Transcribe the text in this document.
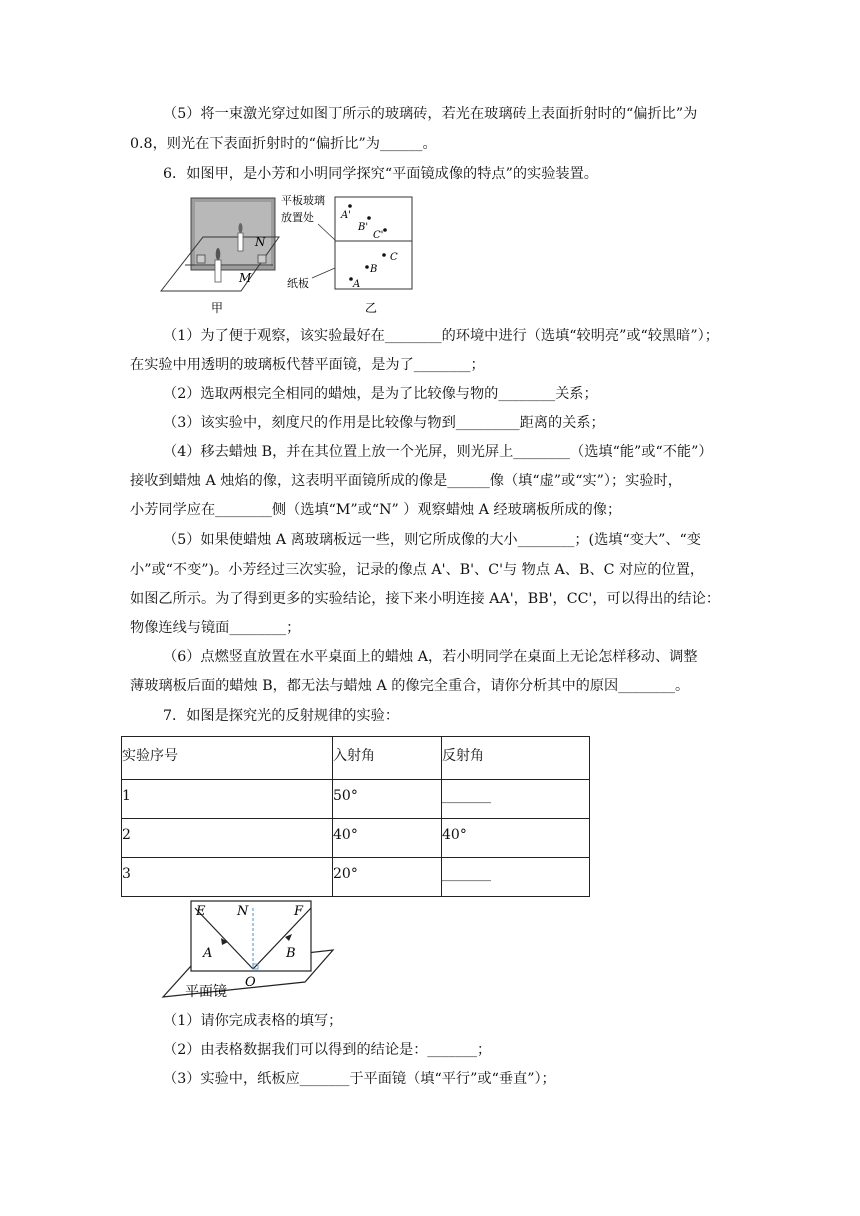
（5）将一束激光穿过如图丁所示的玻璃砖，若光在玻璃砖上表面折射时的“偏折比”为
0.8，则光在下表面折射时的“偏折比”为______。
6．如图甲，是小芳和小明同学探究“平面镜成像的特点”的实验装置。
N
M
平板玻璃
放置处
纸板
甲
A'
B'
C'
C
B
A
乙
（1）为了便于观察，该实验最好在________的环境中进行（选填“较明亮”或“较黑暗”）；
在实验中用透明的玻璃板代替平面镜，是为了________；
（2）选取两根完全相同的蜡烛，是为了比较像与物的________关系；
（3）该实验中，刻度尺的作用是比较像与物到_________距离的关系；
（4）移去蜡烛 B，并在其位置上放一个光屏，则光屏上________（选填“能”或“不能”）
接收到蜡烛 A 烛焰的像，这表明平面镜所成的像是______像（填“虚”或“实”）；实验时，
小芳同学应在________侧（选填“M”或“N” ）观察蜡烛 A 经玻璃板所成的像；
（5）如果使蜡烛 A 离玻璃板远一些，则它所成像的大小________；(选填“变大”、“变
小”或“不变”)。小芳经过三次实验，记录的像点 A'、B'、C'与 物点 A、B、C 对应的位置，
如图乙所示。为了得到更多的实验结论，接下来小明连接 AA'，BB'，CC'，可以得出的结论：
物像连线与镜面________；
（6）点燃竖直放置在水平桌面上的蜡烛 A，若小明同学在桌面上无论怎样移动、调整
薄玻璃板后面的蜡烛 B，都无法与蜡烛 A 的像完全重合，请你分析其中的原因________。
7．如图是探究光的反射规律的实验：
实验序号	入射角	反射角

1	50°	_______

2	40°	40°

3	20°	_______
E N	F
A	B
O
平面镜
（1）请你完成表格的填写；
（2）由表格数据我们可以得到的结论是：_______；
（3）实验中，纸板应_______于平面镜（填“平行”或“垂直”）；
